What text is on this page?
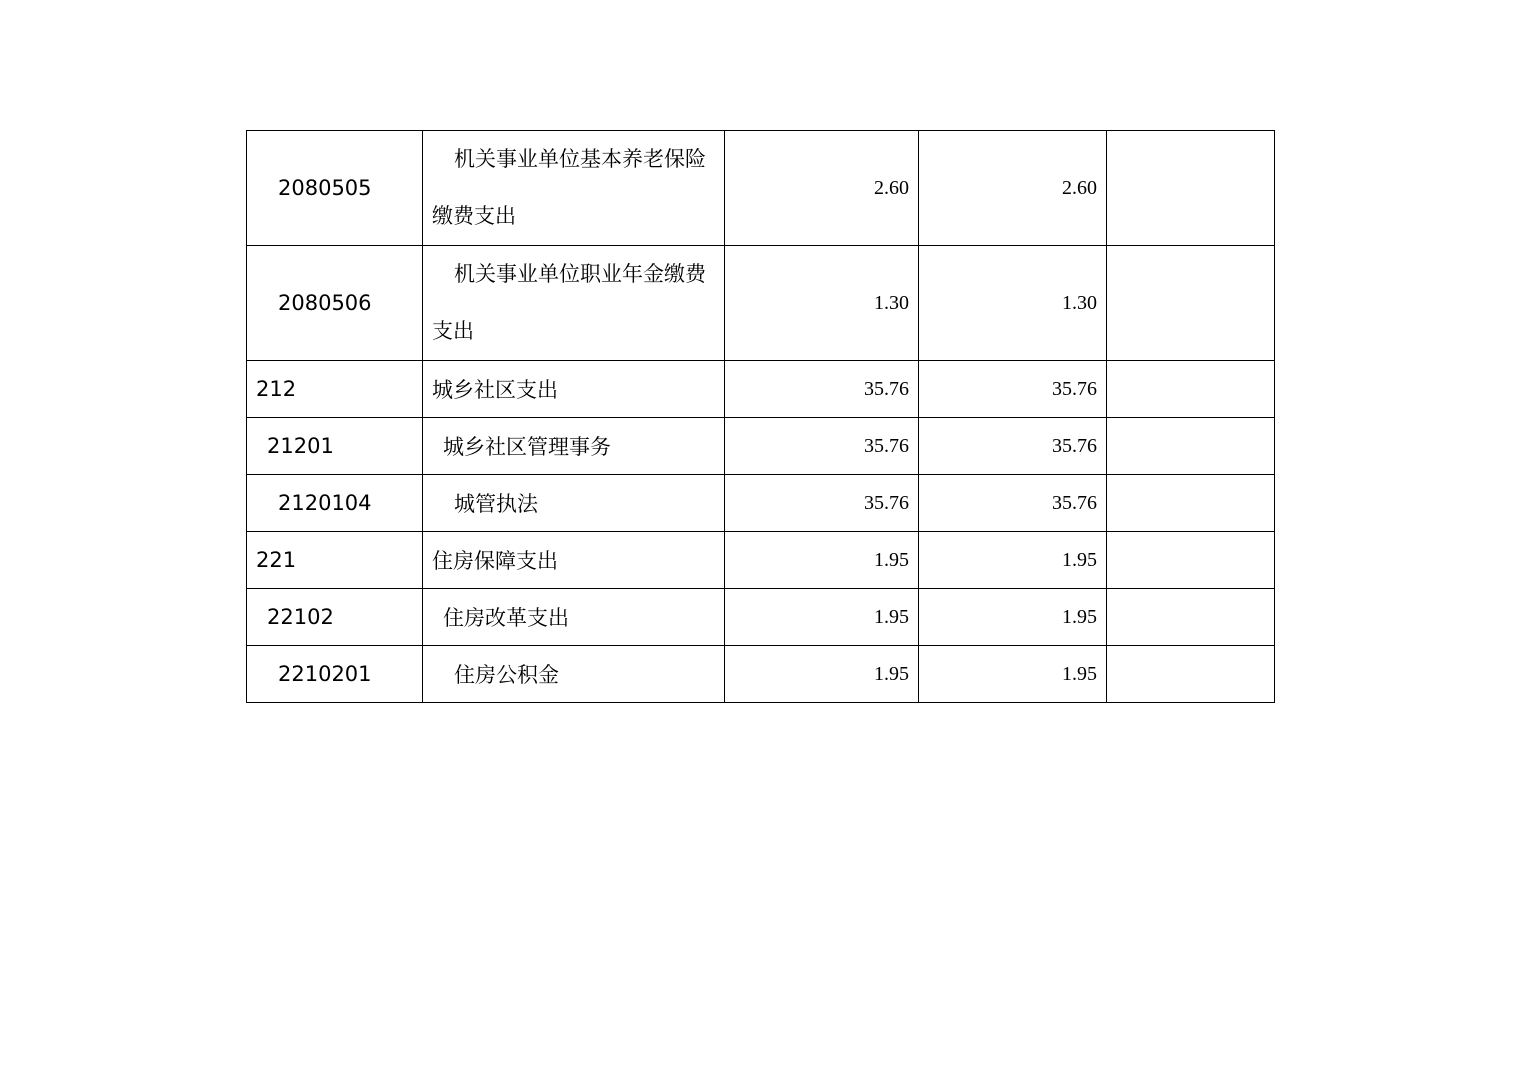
2080505	机关事业单位基本养老保险缴费支出	2.60	2.60	
2080506	机关事业单位职业年金缴费支出	1.30	1.30	
212	城乡社区支出	35.76	35.76	
21201	城乡社区管理事务	35.76	35.76	
2120104	城管执法	35.76	35.76	
221	住房保障支出	1.95	1.95	
22102	住房改革支出	1.95	1.95	
2210201	住房公积金	1.95	1.95	
